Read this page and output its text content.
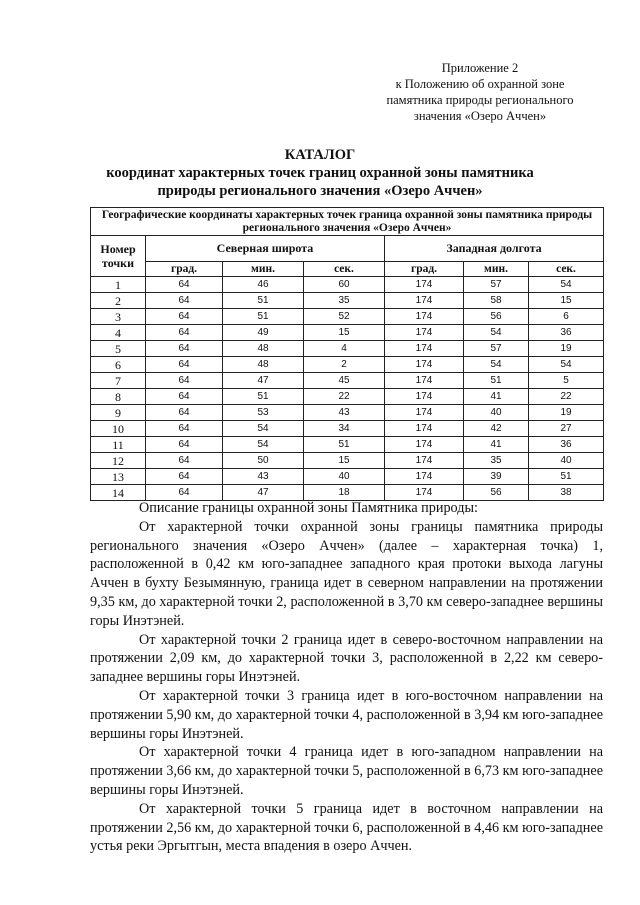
Приложение 2
к Положению об охранной зоне
памятника природы регионального
значения «Озеро Аччен»
КАТАЛОГ
координат характерных точек границ охранной зоны памятника
природы регионального значения «Озеро Аччен»
Географические координаты характерных точек граница охранной зоны памятника природы регионального значения «Озеро Аччен»						
Номер точки	Северная широта			Западная долгота		
	град.	мин.	сек.	град.	мин.	сек.
1	64	46	60	174	57	54
2	64	51	35	174	58	15
3	64	51	52	174	56	6
4	64	49	15	174	54	36
5	64	48	4	174	57	19
6	64	48	2	174	54	54
7	64	47	45	174	51	5
8	64	51	22	174	41	22
9	64	53	43	174	40	19
10	64	54	34	174	42	27
11	64	54	51	174	41	36
12	64	50	15	174	35	40
13	64	43	40	174	39	51
14	64	47	18	174	56	38

Описание границы охранной зоны Памятника природы:

От характерной точки охранной зоны границы памятника природы регионального значения «Озеро Аччен» (далее – характерная точка) 1, расположенной в 0,42 км юго-западнее западного края протоки выхода лагуны Аччен в бухту Безымянную, граница идет в северном направлении на протяжении 9,35 км, до характерной точки 2, расположенной в 3,70 км северо-западнее вершины горы Инэтэней.

От характерной точки 2 граница идет в северо-восточном направлении на протяжении 2,09 км, до характерной точки 3, расположенной в 2,22 км северо-западнее вершины горы Инэтэней.

От характерной точки 3 граница идет в юго-восточном направлении на протяжении 5,90 км, до характерной точки 4, расположенной в 3,94 км юго-западнее вершины горы Инэтэней.

От характерной точки 4 граница идет в юго-западном направлении на протяжении 3,66 км, до характерной точки 5, расположенной в 6,73 км юго-западнее вершины горы Инэтэней.

От характерной точки 5 граница идет в восточном направлении на протяжении 2,56 км, до характерной точки 6, расположенной в 4,46 км юго-западнее устья реки Эргытгын, места впадения в озеро Аччен.
